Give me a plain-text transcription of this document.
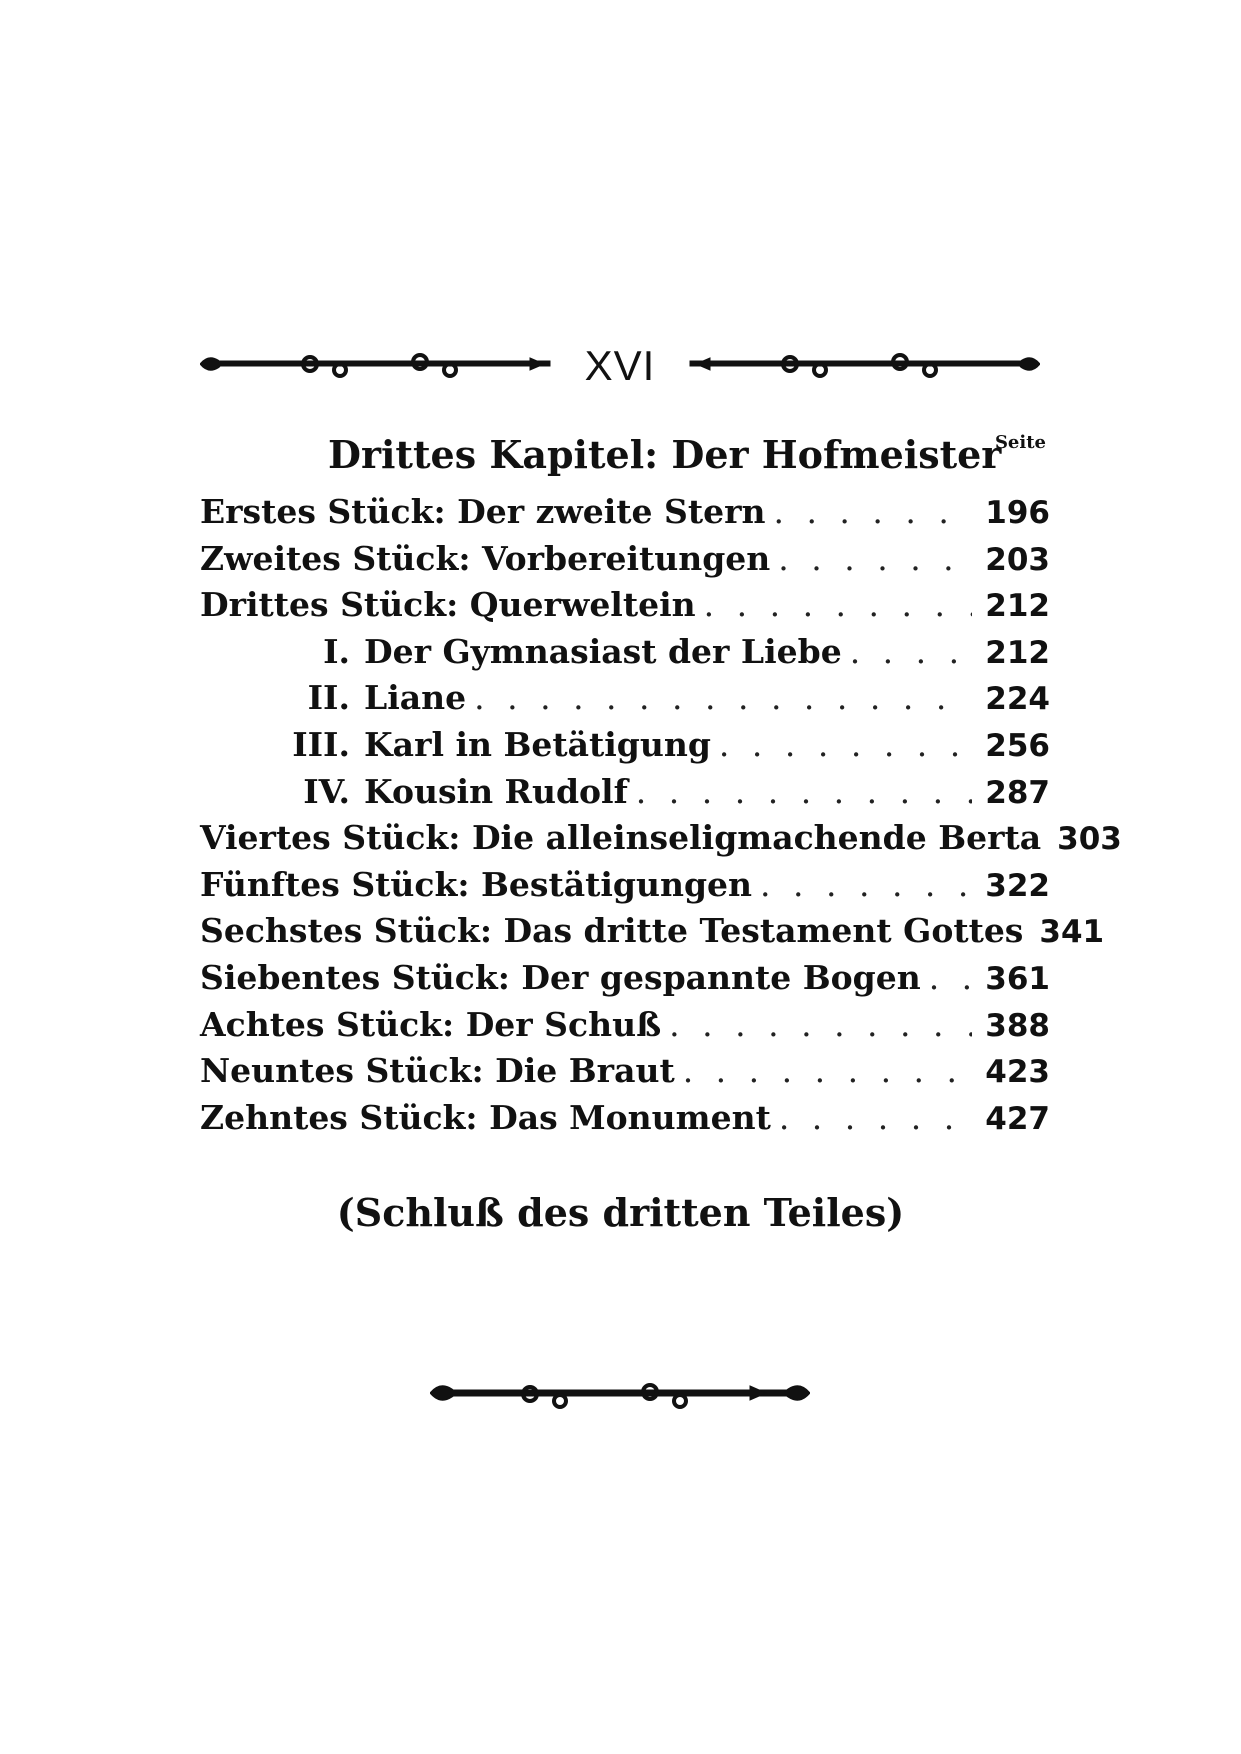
XVI
Drittes Kapitel: Der Hofmeister
Seite
Erstes Stück: Der zweite Stern . . .	196
Zweites Stück: Vorbereitungen . . .	203
Drittes Stück: Querweltein . . .	212
I. Der Gymnasiast der Liebe . . .	212
II. Liane . . .	224
III. Karl in Betätigung . . .	256
IV. Kousin Rudolf . . .	287
Viertes Stück: Die alleinseligmachende Berta 303
Fünftes Stück: Bestätigungen . . .	322
Sechstes Stück: Das dritte Testament Gottes 341
Siebentes Stück: Der gespannte Bogen . . . 361
Achtes Stück: Der Schuß . . .	388
Neuntes Stück: Die Braut . . .	423
Zehntes Stück: Das Monument . . .	427
(Schluß des dritten Teiles)
